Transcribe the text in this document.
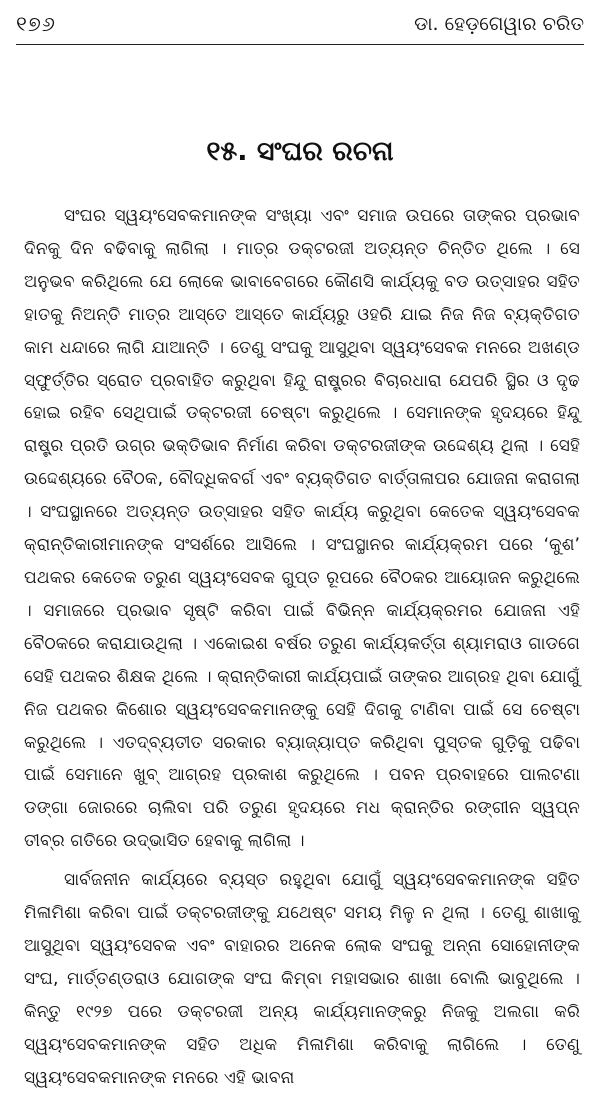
୧୭୬	ଡା. ହେଡ଼ଗେୱାର ଚରିତ
୧୫. ସଂଘର ରଚନା

ସଂଘର ସ୍ୱୟଂସେବକମାନଙ୍କ ସଂଖ୍ୟା ଏବଂ ସମାଜ ଉପରେ ତାଙ୍କର ପ୍ରଭାବ ଦିନକୁ ଦିନ ବଢିବାକୁ ଲାଗିଲା । ମାତ୍ର ଡକ୍ଟରଜୀ ଅତ୍ୟନ୍ତ ଚିନ୍ତିତ ଥିଲେ । ସେ ଅନୁଭବ କରିଥିଲେ ଯେ ଲୋକେ ଭାବାବେଗରେ କୌଣସି କାର୍ଯ୍ୟକୁ ବଡ ଉତ୍ସାହର ସହିତ ହାତକୁ ନିଅନ୍ତି ମାତ୍ର ଆସ୍ତେ ଆସ୍ତେ କାର୍ଯ୍ୟରୁ ଓହରି ଯାଇ ନିଜ ନିଜ ବ୍ୟକ୍ତିଗତ କାମ ଧନ୍ଦାରେ ଲାଗି ଯାଆନ୍ତି । ତେଣୁ ସଂଘକୁ ଆସୁଥିବା ସ୍ୱୟଂସେବକ ମନରେ ଅଖଣ୍ଡ ସ୍ଫୁର୍ତ୍ତିର ସ୍ରୋତ ପ୍ରବାହିତ କରୁଥିବା ହିନ୍ଦୁ ରାଷ୍ଟ୍ରର ବିଚାରଧାରା ଯେପରି ସ୍ଥିର ଓ ଦୃଢ ହୋଇ ରହିବ ସେଥିପାଇଁ ଡକ୍ଟରଜୀ ଚେଷ୍ଟା କରୁଥିଲେ । ସେମାନଙ୍କ ହୃଦୟରେ ହିନ୍ଦୁ ରାଷ୍ଟ୍ର ପ୍ରତି ଉଗ୍ର ଭକ୍ତିଭାବ ନିର୍ମାଣ କରିବା ଡକ୍ଟରଜୀଙ୍କ ଉଦ୍ଦେଶ୍ୟ ଥିଲା । ସେହି ଉଦ୍ଦେଶ୍ୟରେ ବୈଠକ, ବୌଦ୍ଧିକବର୍ଗ ଏବଂ ବ୍ୟକ୍ତିଗତ ବାର୍ତ୍ତାଳାପର ଯୋଜନା କରାଗଲା । ସଂଘସ୍ଥାନରେ ଅତ୍ୟନ୍ତ ଉତ୍ସାହର ସହିତ କାର୍ଯ୍ୟ କରୁଥିବା କେତେକ ସ୍ୱୟଂସେବକ କ୍ରାନ୍ତିକାରୀମାନଙ୍କ ସଂସର୍ଶରେ ଆସିଲେ । ସଂଘସ୍ଥାନର କାର୍ଯ୍ୟକ୍ରମ ପରେ ‘କୁଶ’ ପଥକର କେତେକ ତରୁଣ ସ୍ୱୟଂସେବକ ଗୁପ୍ତ ରୂପରେ ବୈଠକର ଆୟୋଜନ କରୁଥିଲେ । ସମାଜରେ ପ୍ରଭାବ ସୃଷ୍ଟି କରିବା ପାଇଁ ବିଭିନ୍ନ କାର୍ଯ୍ୟକ୍ରମର ଯୋଜନା ଏହି ବୈଠକରେ କରାଯାଉଥିଲା । ଏକୋଇଶ ବର୍ଷର ତରୁଣ କାର୍ଯ୍ୟକର୍ତ୍ତା ଶ୍ୟାମରାଓ ଗାଡଗେ ସେହି ପଥକର ଶିକ୍ଷକ ଥିଲେ । କ୍ରାନ୍ତିକାରୀ କାର୍ଯ୍ୟପାଇଁ ତାଙ୍କର ଆଗ୍ରହ ଥିବା ଯୋଗୁଁ ନିଜ ପଥକର କିଶୋର ସ୍ୱୟଂସେବକମାନଙ୍କୁ ସେହି ଦିଗକୁ ଟାଣିବା ପାଇଁ ସେ ଚେଷ୍ଟା କରୁଥିଲେ । ଏତଦ୍‌ବ୍ୟତୀତ ସରକାର ବ୍ୟାଜ୍ୟାପ୍ତ କରିଥିବା ପୁସ୍ତକ ଗୁଡ଼ିକୁ ପଢିବା ପାଇଁ ସେମାନେ ଖୁବ୍ ଆଗ୍ରହ ପ୍ରକାଶ କରୁଥିଲେ । ପବନ ପ୍ରବାହରେ ପାଲଟଣା ଡଙ୍ଗା ଜୋରରେ ଚାଲିବା ପରି ତରୁଣ ହୃଦୟରେ ମଧ କ୍ରାନ୍ତିର ରଙ୍ଗୀନ ସ୍ୱପ୍ନ ତୀବ୍ର ଗତିରେ ଉଦ୍‌ଭାସିତ ହେବାକୁ ଲାଗିଲା ।

ସାର୍ବଜନୀନ କାର୍ଯ୍ୟରେ ବ୍ୟସ୍ତ ରହୁଥିବା ଯୋଗୁଁ ସ୍ୱୟଂସେବକମାନଙ୍କ ସହିତ ମିଳାମିଶା କରିବା ପାଇଁ ଡକ୍ଟରଜୀଙ୍କୁ ଯଥେଷ୍ଟ ସମୟ ମିଳୁ ନ ଥିଲା । ତେଣୁ ଶାଖାକୁ ଆସୁଥିବା ସ୍ୱୟଂସେବକ ଏବଂ ବାହାରର ଅନେକ ଲୋକ ସଂଘକୁ ଅନ୍ନା ସୋହୋନୀଙ୍କ ସଂଘ, ମାର୍ତ୍ତଣ୍ଡରାଓ ଯୋଗଙ୍କ ସଂଘ କିମ୍ବା ମହାସଭାର ଶାଖା ବୋଲି ଭାବୁଥିଲେ । କିନ୍ତୁ ୧୯୨୭ ପରେ ଡକ୍ଟରଜୀ ଅନ୍ୟ କାର୍ଯ୍ୟମାନଙ୍କରୁ ନିଜକୁ ଅଲଗା କରି ସ୍ୱୟଂସେବକମାନଙ୍କ ସହିତ ଅଧିକ ମିଳାମିଶା କରିବାକୁ ଲାଗିଲେ । ତେଣୁ ସ୍ୱୟଂସେବକମାନଙ୍କ ମନରେ ଏହି ଭାବନା
